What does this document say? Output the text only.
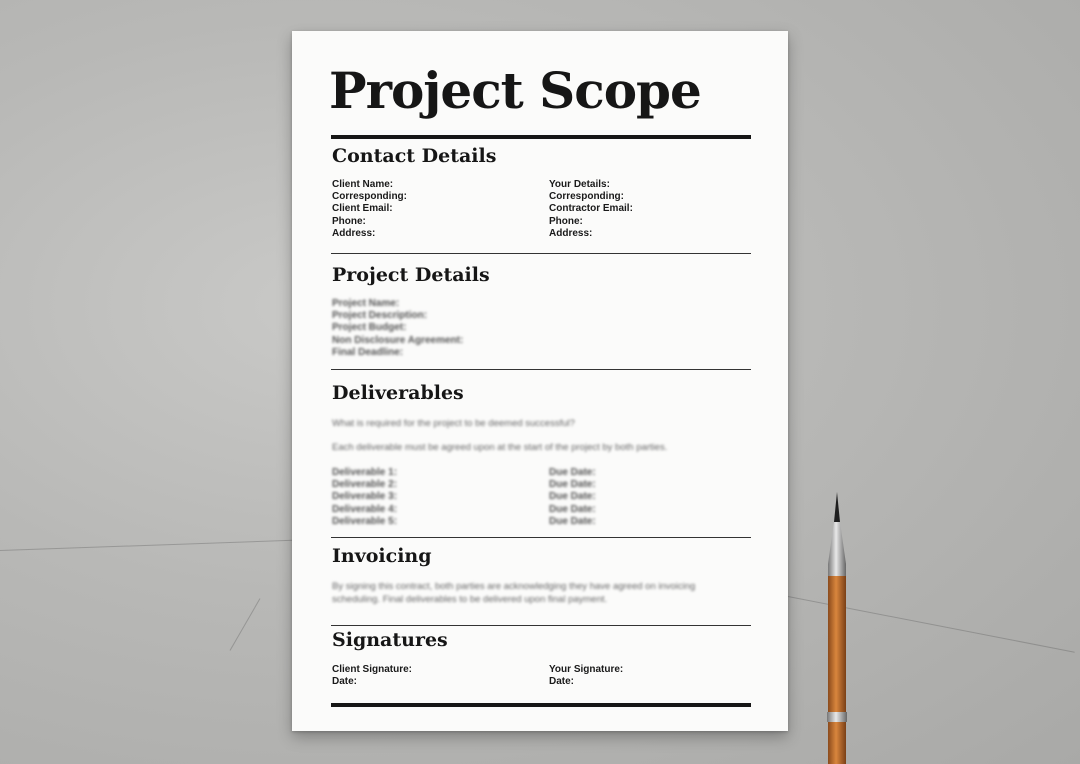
Project Scope
Contact Details
Client Name:
Corresponding:
Client Email:
Phone:
Address:
Your Details:
Corresponding:
Contractor Email:
Phone:
Address:
Project Details
Project Name:
Project Description:
Project Budget:
Non Disclosure Agreement:
Final Deadline:
Deliverables
What is required for the project to be deemed successful?
Each deliverable must be agreed upon at the start of the project by both parties.
Deliverable 1:
Deliverable 2:
Deliverable 3:
Deliverable 4:
Deliverable 5:
Due Date:
Due Date:
Due Date:
Due Date:
Due Date:
Invoicing
By signing this contract, both parties are acknowledging they have agreed on invoicing scheduling. Final deliverables to be delivered upon final payment.
Signatures
Client Signature:
Date:
Your Signature:
Date:
